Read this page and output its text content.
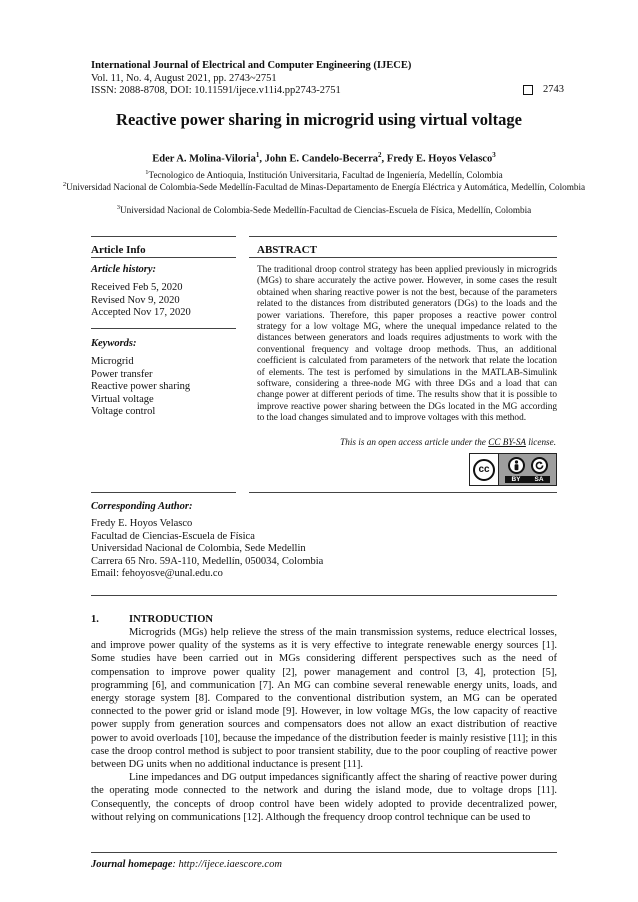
International Journal of Electrical and Computer Engineering (IJECE)
Vol. 11, No. 4, August 2021, pp. 2743~2751
ISSN: 2088-8708, DOI: 10.11591/ijece.v11i4.pp2743-2751	2743
Reactive power sharing in microgrid using virtual voltage
Eder A. Molina-Viloria$^1$, John E. Candelo-Becerra$^2$, Fredy E. Hoyos Velasco$^3$
$^1$Tecnologico de Antioquia, Institución Universitaria, Facultad de Ingeniería, Medellín, Colombia
$^2$Universidad Nacional de Colombia-Sede Medellín-Facultad de Minas-Departamento de Energía Eléctrica y Automática, Medellín, Colombia
$^3$Universidad Nacional de Colombia-Sede Medellín-Facultad de Ciencias-Escuela de Física, Medellín, Colombia
Article Info
Article history:
Received Feb 5, 2020
Revised Nov 9, 2020
Accepted Nov 17, 2020
Keywords:
Microgrid
Power transfer
Reactive power sharing
Virtual voltage
Voltage control
ABSTRACT
The traditional droop control strategy has been applied previously in microgrids (MGs) to share accurately the active power. However, in some cases the result obtained when sharing reactive power is not the best, because of the parameters related to the distances from distributed generators (DGs) to the loads and the power variations. Therefore, this paper proposes a reactive power control strategy for a low voltage MG, where the unequal impedance related to the distances between generators and loads requires adjustments to work with the conventional frequency and voltage droop methods. Thus, an additional coefficient is calculated from parameters of the network that relate the location of elements. The test is perfomed by simulations in the MATLAB-Simulink software, considering a three-node MG with three DGs and a load that can change power at different periods of time. The results show that it is possible to improve reactive power sharing between the DGs located in the MG according to the load changes simulated and to improve voltages with this method.
This is an open access article under the CC BY-SA license.
cc
BY SA
Corresponding Author:
Fredy E. Hoyos Velasco
Facultad de Ciencias-Escuela de Física
Universidad Nacional de Colombia, Sede Medellin
Carrera 65 Nro. 59A-110, Medellín, 050034, Colombia
Email: fehoyosve@unal.edu.co
1.	INTRODUCTION

Microgrids (MGs) help relieve the stress of the main transmission systems, reduce electrical losses, and improve power quality of the systems as it is very effective to integrate renewable energy sources [1]. Some studies have been carried out in MGs considering different perspectives such as the need of compensation to improve power quality [2], power management and control [3, 4], protection [5], programming [6], and communication [7]. An MG can combine several renewable energy units, loads, and energy storage system [8]. Compared to the conventional distribution system, an MG can be operated connected to the power grid or island mode [9]. However, in low voltage MGs, the low capacity of reactive power supply from generation sources and compensators does not allow an exact distribution of reactive power to avoid overloads [10], because the impedance of the distribution feeder is mainly resistive [11]; in this case the droop control method is subject to poor transient stability, due to the poor coupling of reactive power between DG units when no additional inductance is present [11].

Line impedances and DG output impedances significantly affect the sharing of reactive power during the operating mode connected to the network and during the island mode, due to voltage drops [11]. Consequently, the concepts of droop control have been widely adopted to provide decentralized power, without relying on communications [12]. Although the frequency droop control technique can be used to

Journal homepage: http://ijece.iaescore.com
